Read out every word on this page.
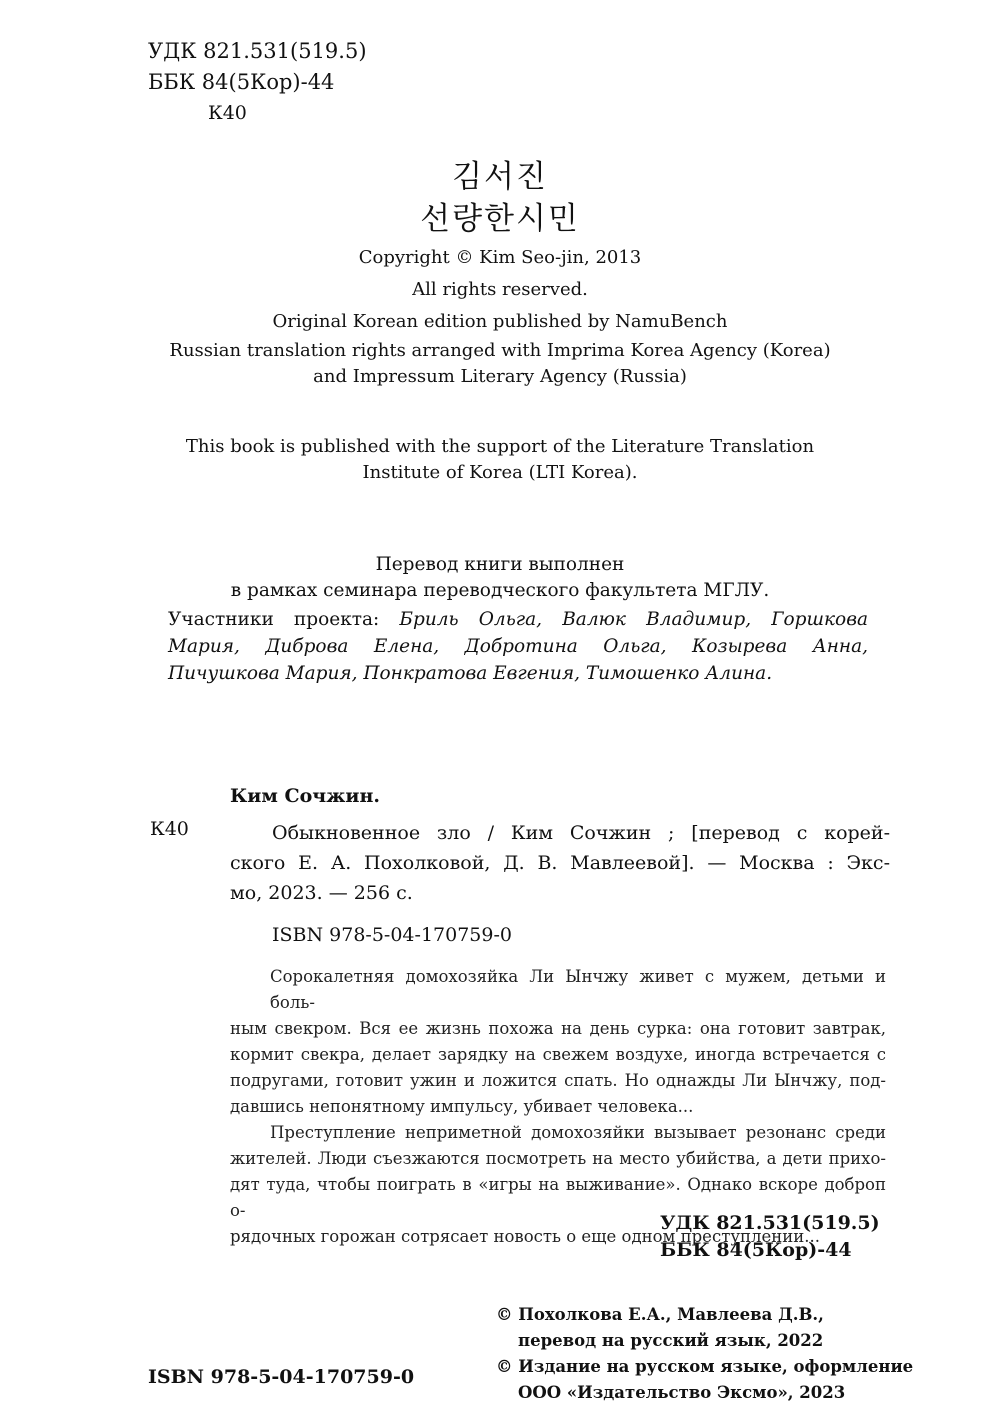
УДК 821.531(519.5)
ББК 84(5Кор)-44
К40
김서진
선량한시민
Copyright © Kim Seo-jin, 2013
All rights reserved.
Original Korean edition published by NamuBench
Russian translation rights arranged with Imprima Korea Agency (Korea)
and Impressum Literary Agency (Russia)
This book is published with the support of the Literature Translation
Institute of Korea (LTI Korea).
Перевод книги выполнен
в рамках семинара переводческого факультета МГЛУ.
Участники проекта: Бриль Ольга, Валюк Владимир, Горшкова
Мария, Диброва Елена, Добротина Ольга, Козырева Анна,
Пичушкова Мария, Понкратова Евгения, Тимошенко Алина.
Ким Сочжин.
К40	Обыкновенное зло / Ким Сочжин ; [перевод с корей-
ского Е. А. Похолковой, Д. В. Мавлеевой]. — Москва : Экс-
мо, 2023. — 256 с.
ISBN 978-5-04-170759-0
Сорокалетняя домохозяйка Ли Ынчжу живет с мужем, детьми и боль-
ным свекром. Вся ее жизнь похожа на день сурка: она готовит завтрак,
кормит свекра, делает зарядку на свежем воздухе, иногда встречается с
подругами, готовит ужин и ложится спать. Но однажды Ли Ынчжу, под-
давшись непонятному импульсу, убивает человека...
Преступление неприметной домохозяйки вызывает резонанс среди
жителей. Люди съезжаются посмотреть на место убийства, а дети прихо-
дят туда, чтобы поиграть в «игры на выживание». Однако вскоре доброп о-
рядочных горожан сотрясает новость о еще одном преступлении...
УДК 821.531(519.5)
ББК 84(5Кор)-44
© Похолкова Е.А., Мавлеева Д.В.,
перевод на русский язык, 2022
© Издание на русском языке, оформление
ООО «Издательство Эксмо», 2023
ISBN 978-5-04-170759-0
